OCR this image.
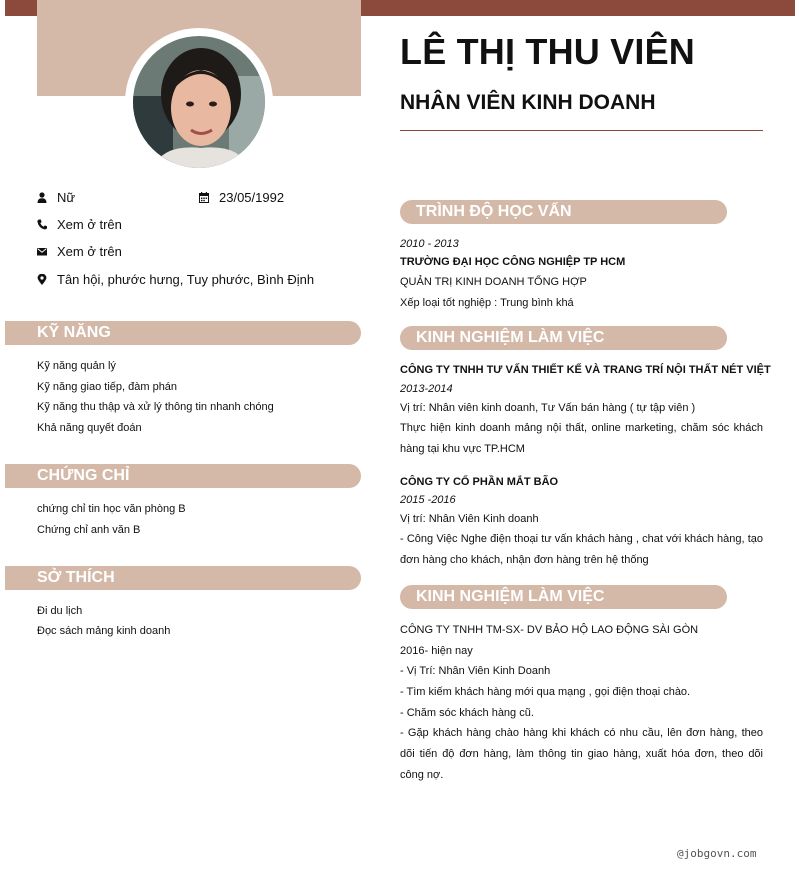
LÊ THỊ THU VIÊN
NHÂN VIÊN KINH DOANH
Nữ	23/05/1992
Xem ở trên
Xem ở trên
Tân hội, phước hưng, Tuy phước, Bình Định
KỸ NĂNG
Kỹ năng quản lý
Kỹ năng giao tiếp, đàm phán
Kỹ năng thu thập và xử lý thông tin nhanh chóng
Khả năng quyết đoán
CHỨNG CHỈ
chứng chỉ tin học văn phòng B
Chứng chỉ anh văn B
SỞ THÍCH
Đi du lịch
Đọc sách mảng kinh doanh
TRÌNH ĐỘ HỌC VẤN
2010 - 2013
TRƯỜNG ĐẠI HỌC CÔNG NGHIỆP TP HCM
QUẢN TRỊ KINH DOANH TỔNG HỢP
Xếp loại tốt nghiệp : Trung bình khá
KINH NGHIỆM LÀM VIỆC
CÔNG TY TNHH TƯ VẤN THIẾT KẾ VÀ TRANG TRÍ NỘI THẤT NÉT VIỆT
2013-2014
Vị trí: Nhân viên kinh doanh, Tư Vấn bán hàng ( tự tập viên )
Thực hiện kinh doanh mảng nội thất, online marketing, chăm sóc khách hàng tại khu vực TP.HCM
CÔNG TY CỔ PHẦN MẮT BÃO
2015 -2016
Vị trí: Nhân Viên Kinh doanh
- Công Việc Nghe điện thoại tư vấn khách hàng , chat với khách hàng, tạo đơn hàng cho khách, nhận đơn hàng trên hệ thống
KINH NGHIỆM LÀM VIỆC
CÔNG TY TNHH TM-SX- DV BẢO HỘ LAO ĐỘNG SÀI GÒN
2016- hiện nay
- Vị Trí: Nhân Viên Kinh Doanh
- Tìm kiếm khách hàng mới qua mạng , gọi điện thoại chào.
- Chăm sóc khách hàng cũ.
- Gặp khách hàng chào hàng khi khách có nhu cầu, lên đơn hàng, theo dõi tiến độ đơn hàng, làm thông tin giao hàng, xuất hóa đơn, theo dõi công nợ.
@jobgovn.com
